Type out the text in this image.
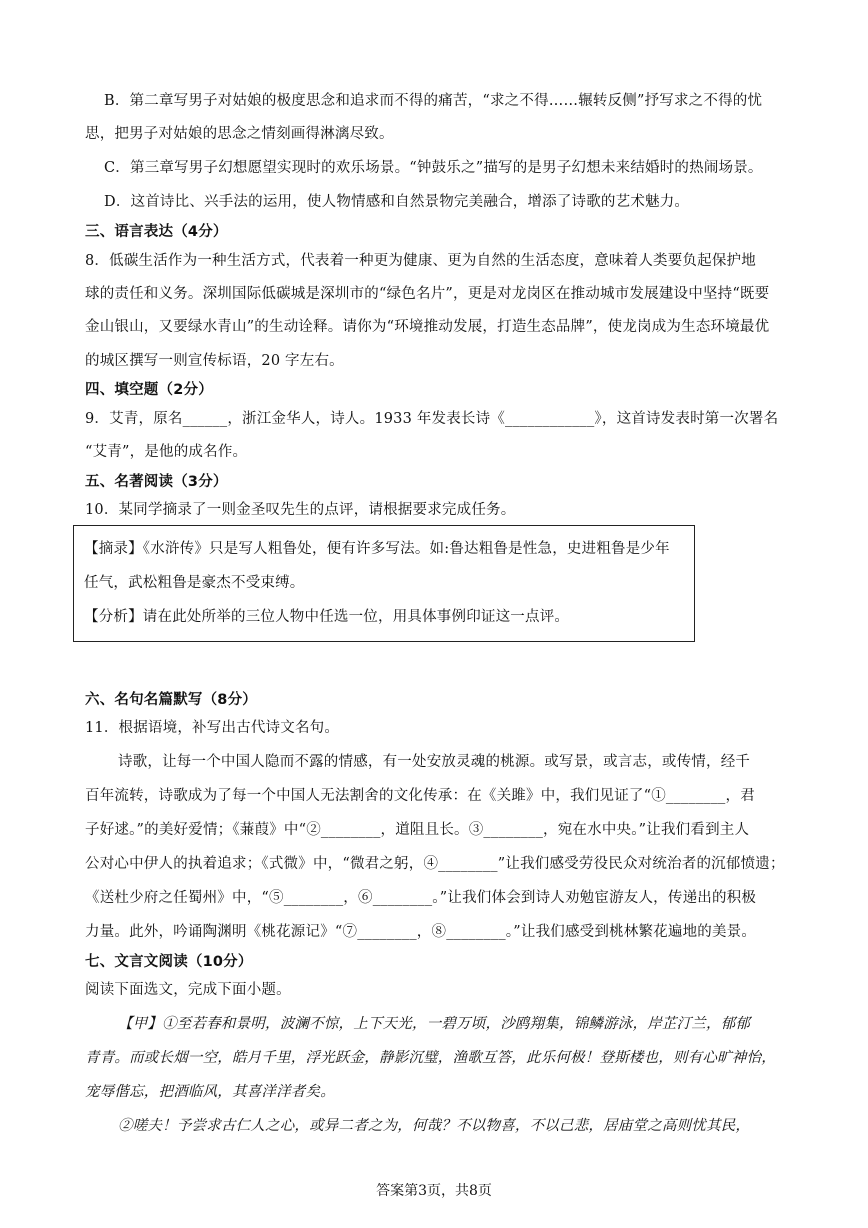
B．第二章写男子对姑娘的极度思念和追求而不得的痛苦，“求之不得……辗转反侧”抒写求之不得的忧
思，把男子对姑娘的思念之情刻画得淋漓尽致。
C．第三章写男子幻想愿望实现时的欢乐场景。“钟鼓乐之”描写的是男子幻想未来结婚时的热闹场景。
D．这首诗比、兴手法的运用，使人物情感和自然景物完美融合，增添了诗歌的艺术魅力。
三、语言表达（4分）
8．低碳生活作为一种生活方式，代表着一种更为健康、更为自然的生活态度，意味着人类要负起保护地
球的责任和义务。深圳国际低碳城是深圳市的“绿色名片”，更是对龙岗区在推动城市发展建设中坚持“既要
金山银山，又要绿水青山”的生动诠释。请你为“环境推动发展，打造生态品牌”，使龙岗成为生态环境最优
的城区撰写一则宣传标语，20 字左右。
四、填空题（2分）
9．艾青，原名______，浙江金华人，诗人。1933 年发表长诗《____________》，这首诗发表时第一次署名
“艾青”，是他的成名作。
五、名著阅读（3分）
10．某同学摘录了一则金圣叹先生的点评，请根据要求完成任务。
【摘录】《水浒传》只是写人粗鲁处，便有许多写法。如:鲁达粗鲁是性急，史进粗鲁是少年
任气，武松粗鲁是豪杰不受束缚。
【分析】请在此处所举的三位人物中任选一位，用具体事例印证这一点评。
六、名句名篇默写（8分）
11．根据语境，补写出古代诗文名句。
诗歌，让每一个中国人隐而不露的情感，有一处安放灵魂的桃源。或写景，或言志，或传情，经千
百年流转，诗歌成为了每一个中国人无法割舍的文化传承：在《关雎》中，我们见证了“①________，君
子好逑。”的美好爱情；《蒹葭》中“②________，道阻且长。③________，宛在水中央。”让我们看到主人
公对心中伊人的执着追求；《式微》中，“微君之躬，④________”让我们感受劳役民众对统治者的沉郁愤遗；
《送杜少府之任蜀州》中，“⑤________，⑥________。”让我们体会到诗人劝勉宦游友人，传递出的积极
力量。此外，吟诵陶渊明《桃花源记》“⑦________，⑧________。”让我们感受到桃林繁花遍地的美景。
七、文言文阅读（10分）
阅读下面选文，完成下面小题。
【甲】①至若春和景明，波澜不惊，上下天光，一碧万顷，沙鸥翔集，锦鳞游泳，岸芷汀兰，郁郁
青青。而或长烟一空，皓月千里，浮光跃金，静影沉璧，渔歌互答，此乐何极！登斯楼也，则有心旷神怡，
宠辱偕忘，把酒临风，其喜洋洋者矣。
②嗟夫！予尝求古仁人之心，或异二者之为，何哉？不以物喜，不以己悲，居庙堂之高则忧其民，
答案第3页，共8页
